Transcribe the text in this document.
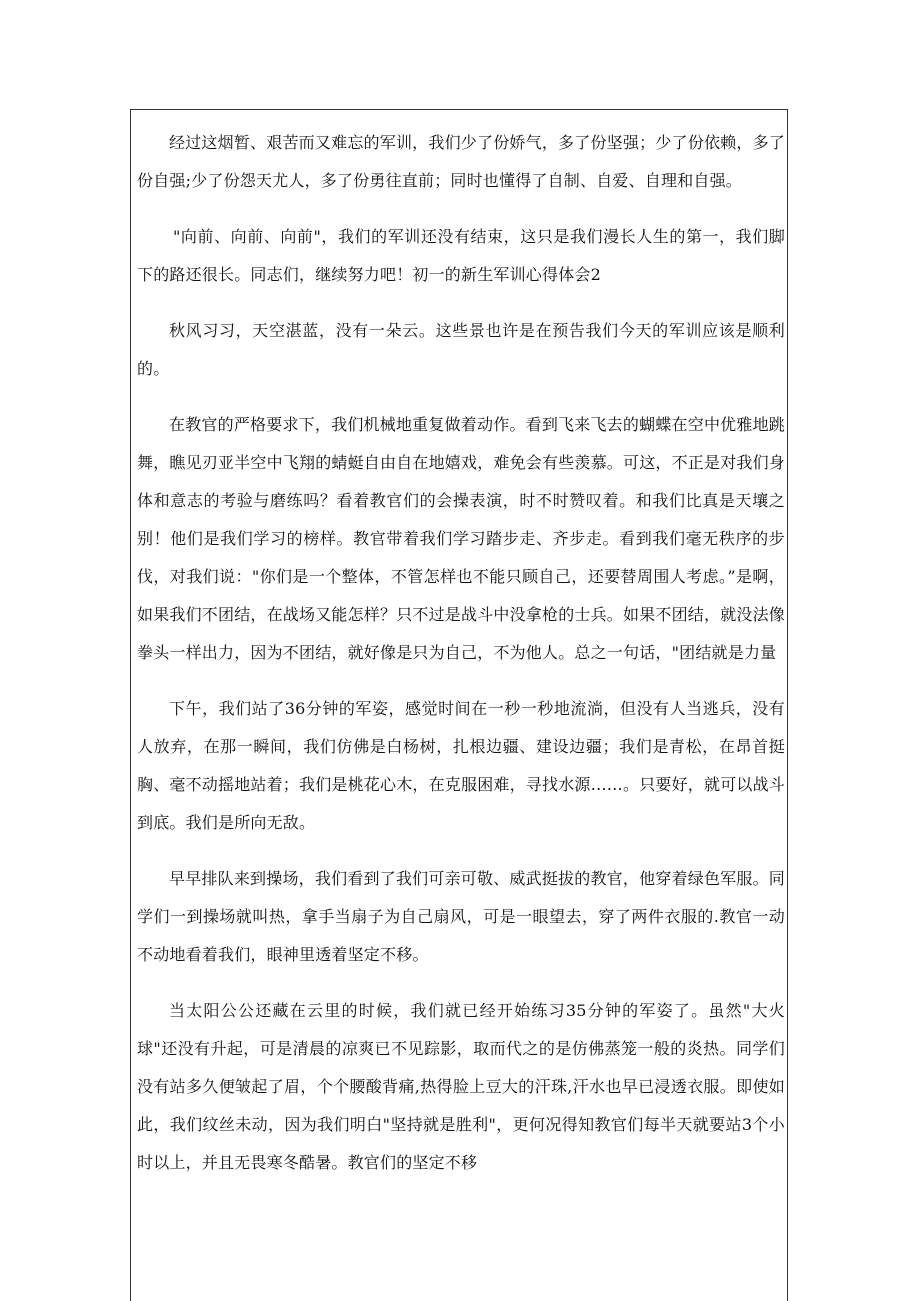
经过这烟暂、艰苦而又难忘的军训，我们少了份娇气，多了份坚强；少了份依赖，多了份自强;少了份怨天尤人，多了份勇往直前；同时也懂得了自制、自爱、自理和自强。

"向前、向前、向前"，我们的军训还没有结束，这只是我们漫长人生的第一，我们脚下的路还很长。同志们，继续努力吧！初一的新生军训心得体会2

秋风习习，天空湛蓝，没有一朵云。这些景也许是在预告我们今天的军训应该是顺利的。

在教官的严格要求下，我们机械地重复做着动作。看到飞来飞去的蝴蝶在空中优雅地跳舞，瞧见刃亚半空中飞翔的蜻蜓自由自在地嬉戏，难免会有些羡慕。可这，不正是对我们身体和意志的考验与磨练吗？看着教官们的会操表演，时不时赞叹着。和我们比真是天壤之别！他们是我们学习的榜样。教官带着我们学习踏步走、齐步走。看到我们毫无秩序的步伐，对我们说："你们是一个整体，不管怎样也不能只顾自己，还要替周围人考虑。”是啊，如果我们不团结，在战场又能怎样？只不过是战斗中没拿枪的士兵。如果不团结，就没法像拳头一样出力，因为不团结，就好像是只为自己，不为他人。总之一句话，"团结就是力量

下午，我们站了36分钟的军姿，感觉时间在一秒一秒地流淌，但没有人当逃兵，没有人放弃，在那一瞬间，我们仿佛是白杨树，扎根边疆、建设边疆；我们是青松，在昂首挺胸、毫不动摇地站着；我们是桃花心木，在克服困难，寻找水源……。只要好，就可以战斗到底。我们是所向无敌。

早早排队来到操场，我们看到了我们可亲可敬、威武挺拔的教官，他穿着绿色军服。同学们一到操场就叫热，拿手当扇子为自己扇风，可是一眼望去，穿了两件衣服的.教官一动不动地看着我们，眼神里透着坚定不移。

当太阳公公还藏在云里的时候，我们就已经开始练习35分钟的军姿了。虽然"大火球"还没有升起，可是清晨的凉爽已不见踪影，取而代之的是仿佛蒸笼一般的炎热。同学们没有站多久便皱起了眉，个个腰酸背痛,热得脸上豆大的汗珠,汗水也早已浸透衣服。即使如此，我们纹丝未动，因为我们明白"坚持就是胜利"，更何况得知教官们每半天就要站3个小时以上，并且无畏寒冬酷暑。教官们的坚定不移
